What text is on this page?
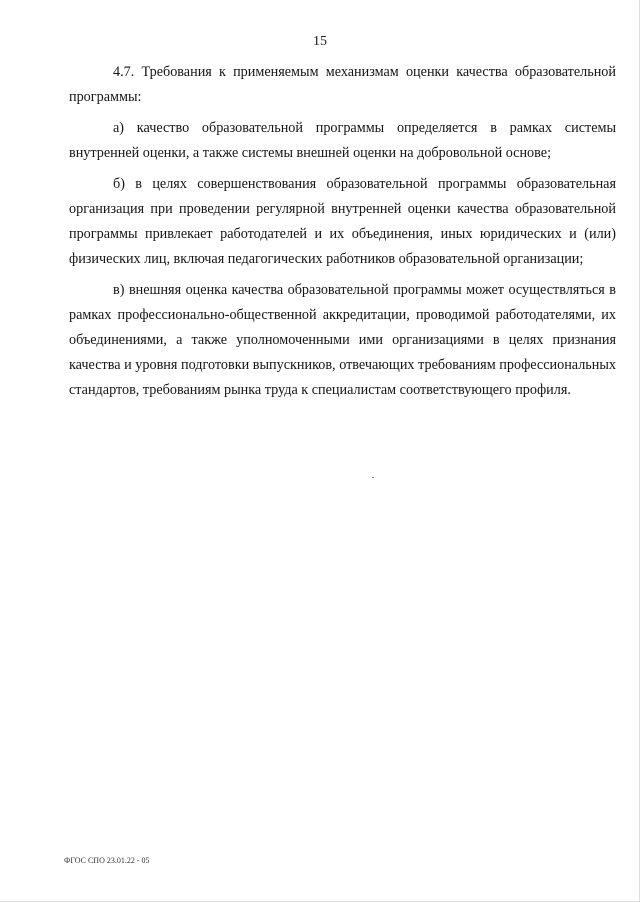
15

4.7. Требования к применяемым механизмам оценки качества образовательной программы:

а) качество образовательной программы определяется в рамках системы внутренней оценки, а также системы внешней оценки на добровольной основе;

б) в целях совершенствования образовательной программы образовательная организация при проведении регулярной внутренней оценки качества образовательной программы привлекает работодателей и их объединения, иных юридических и (или) физических лиц, включая педагогических работников образовательной организации;

в) внешняя оценка качества образовательной программы может осуществляться в рамках профессионально-общественной аккредитации, проводимой работодателями, их объединениями, а также уполномоченными ими организациями в целях признания качества и уровня подготовки выпускников, отвечающих требованиям профессиональных стандартов, требованиям рынка труда к специалистам соответствующего профиля.

ФГОС СПО 23.01.22 - 05
